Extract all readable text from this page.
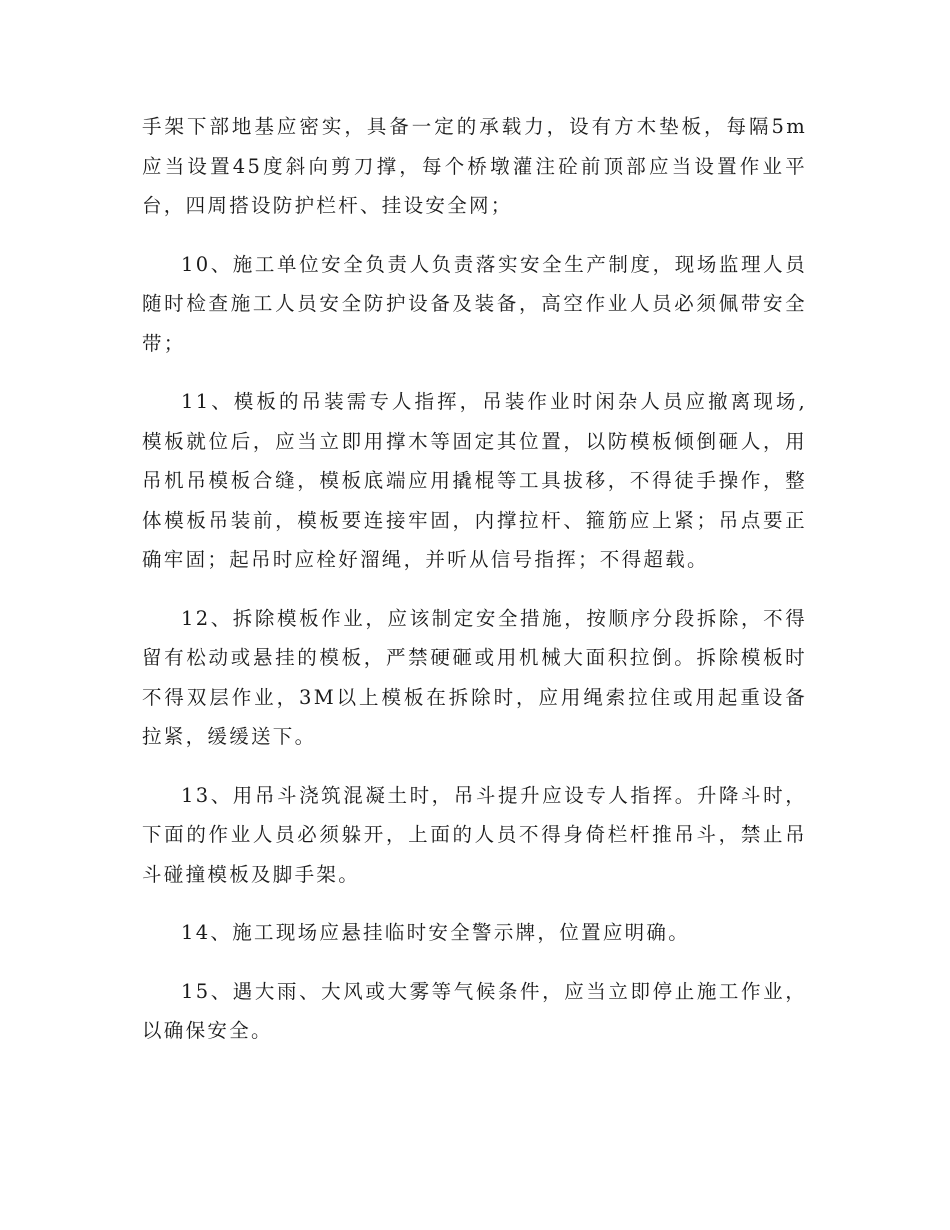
手架下部地基应密实，具备一定的承载力，设有方木垫板，每隔5m应当设置45度斜向剪刀撑，每个桥墩灌注砼前顶部应当设置作业平台，四周搭设防护栏杆、挂设安全网；

10、施工单位安全负责人负责落实安全生产制度，现场监理人员随时检查施工人员安全防护设备及装备，高空作业人员必须佩带安全带；

11、模板的吊装需专人指挥，吊装作业时闲杂人员应撤离现场,模板就位后，应当立即用撑木等固定其位置，以防模板倾倒砸人，用吊机吊模板合缝，模板底端应用撬棍等工具拔移，不得徒手操作，整体模板吊装前，模板要连接牢固，内撑拉杆、箍筋应上紧；吊点要正确牢固；起吊时应栓好溜绳，并听从信号指挥；不得超载。

12、拆除模板作业，应该制定安全措施，按顺序分段拆除，不得留有松动或悬挂的模板，严禁硬砸或用机械大面积拉倒。拆除模板时不得双层作业，3M以上模板在拆除时，应用绳索拉住或用起重设备拉紧，缓缓送下。

13、用吊斗浇筑混凝土时，吊斗提升应设专人指挥。升降斗时，下面的作业人员必须躲开，上面的人员不得身倚栏杆推吊斗，禁止吊斗碰撞模板及脚手架。

14、施工现场应悬挂临时安全警示牌，位置应明确。

15、遇大雨、大风或大雾等气候条件，应当立即停止施工作业，以确保安全。
